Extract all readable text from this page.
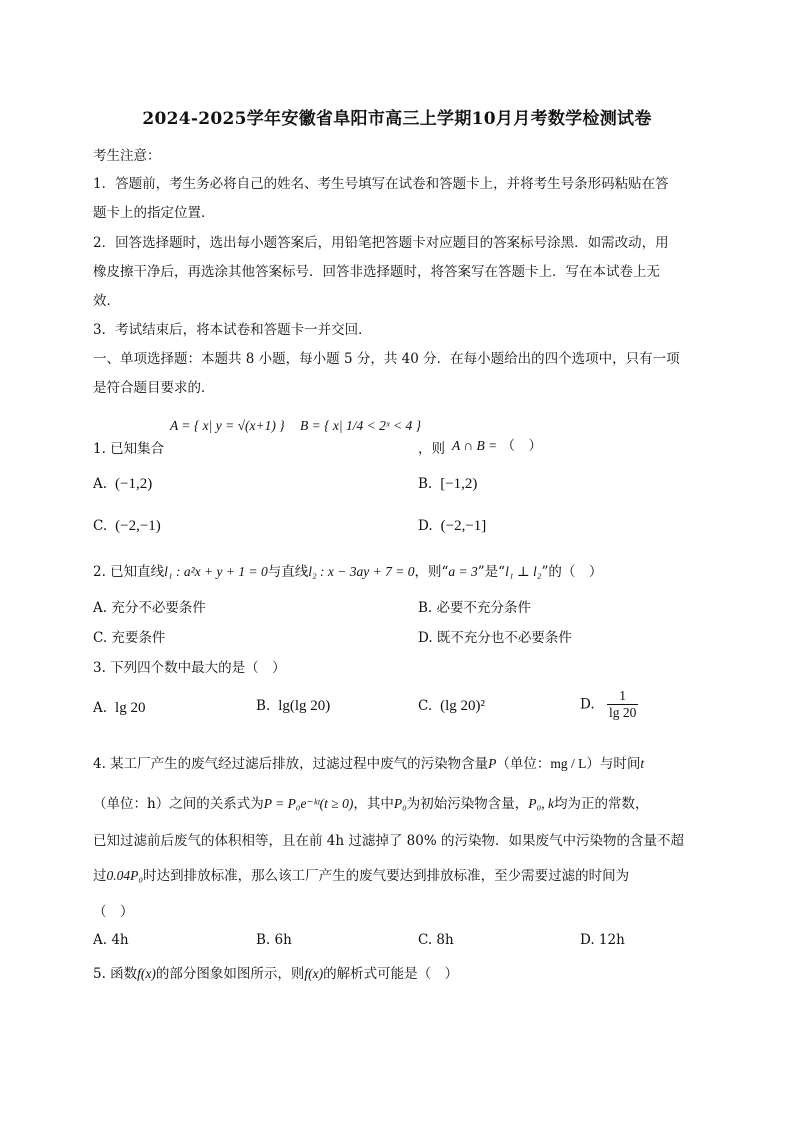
2024-2025学年安徽省阜阳市高三上学期10月月考数学检测试卷
考生注意：
1．答题前，考生务必将自己的姓名、考生号填写在试卷和答题卡上，并将考生号条形码粘贴在答
题卡上的指定位置．
2．回答选择题时，选出每小题答案后，用铅笔把答题卡对应题目的答案标号涂黑．如需改动，用
橡皮擦干净后，再选涂其他答案标号．回答非选择题时，将答案写在答题卡上．写在本试卷上无
效．
3．考试结束后，将本试卷和答题卡一并交回．
一、单项选择题：本题共 8 小题，每小题 5 分，共 40 分．在每小题给出的四个选项中，只有一项
是符合题目要求的．
1. 已知集合
A = { x| y = √(x+1) } B = { x| 1/4 < 2ˣ < 4 }
，则 A ∩ B = （　）
A. (−1,2)	B. [−1,2)
C. (−2,−1)	D. (−2,−1]
2. 已知直线l₁ : a²x + y + 1 = 0与直线l₂ : x − 3ay + 7 = 0，则“a = 3”是“l₁ ⊥ l₂”的（　）
A. 充分不必要条件	B. 必要不充分条件
C. 充要条件	D. 既不充分也不必要条件
3. 下列四个数中最大的是（　）
A. lg 20	B. lg(lg 20)	C. (lg 20)²	D. $\frac{1}{\lg 20}$
4. 某工厂产生的废气经过滤后排放，过滤过程中废气的污染物含量P（单位：mg / L）与时间t
（单位：h）之间的关系式为P = P₀e⁻ᵏᵗ(t ≥ 0)，其中P₀为初始污染物含量，P₀, k均为正的常数，
已知过滤前后废气的体积相等，且在前 4h 过滤掉了 80% 的污染物．如果废气中污染物的含量不超
过0.04P₀时达到排放标准，那么该工厂产生的废气要达到排放标准，至少需要过滤的时间为
（　）
A. 4h	B. 6h	C. 8h	D. 12h
5. 函数f(x)的部分图象如图所示，则f(x)的解析式可能是（　）
